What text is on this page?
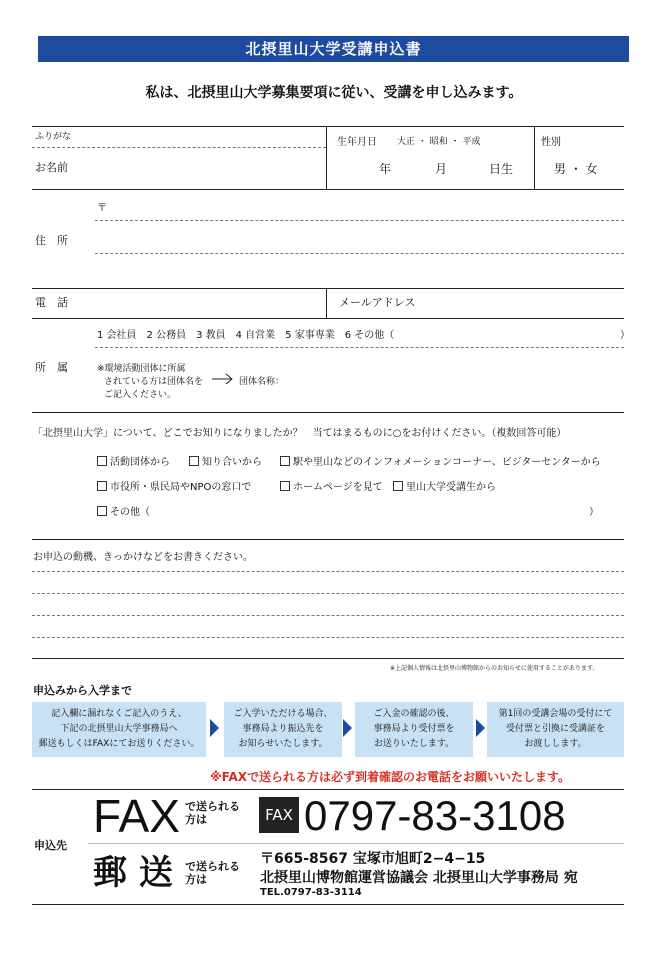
北摂里山大学受講申込書
私は、北摂里山大学募集要項に従い、受講を申し込みます。
ふりがな
お名前
生年月日 大正 ・ 昭和 ・ 平成
年	月	日生
性別
男 ・ 女
〒
住　所
電　話	メールアドレス
1 会社員　2 公務員　3 教員　4 自営業　5 家事専業　6 その他（	）
所　属	※環境活動団体に所属
されている方は団体名を
ご記入ください。
団体名称：
「北摂里山大学」について、どこでお知りになりましたか？　当てはまるものに○をお付けください。（複数回答可能）
活動団体から	知り合いから	駅や里山などのインフォメーションコーナー、ビジターセンターから
市役所・県民局やNPOの窓口で	ホームページを見て	里山大学受講生から
その他（	）
お申込の動機、きっかけなどをお書きください。
※上記個人情報は北摂里山博物館からのお知らせに使用することがあります。
申込みから入学まで
記入欄に漏れなくご記入のうえ、
下記の北摂里山大学事務局へ
郵送もしくはFAXにてお送りください。
ご入学いただける場合、
事務局より振込先を
お知らせいたします。
ご入金の確認の後、
事務局より受付票を
お送りいたします。
第1回の受講会場の受付にて
受付票と引換に受講証を
お渡しします。
※FAXで送られる方は必ず到着確認のお電話をお願いいたします。
申込先
FAX で送られる
方は	FAX 0797-83-3108
郵 送 で送られる
方は
〒665-8567 宝塚市旭町2−4−15
北摂里山博物館運営協議会 北摂里山大学事務局 宛
TEL.0797-83-3114
